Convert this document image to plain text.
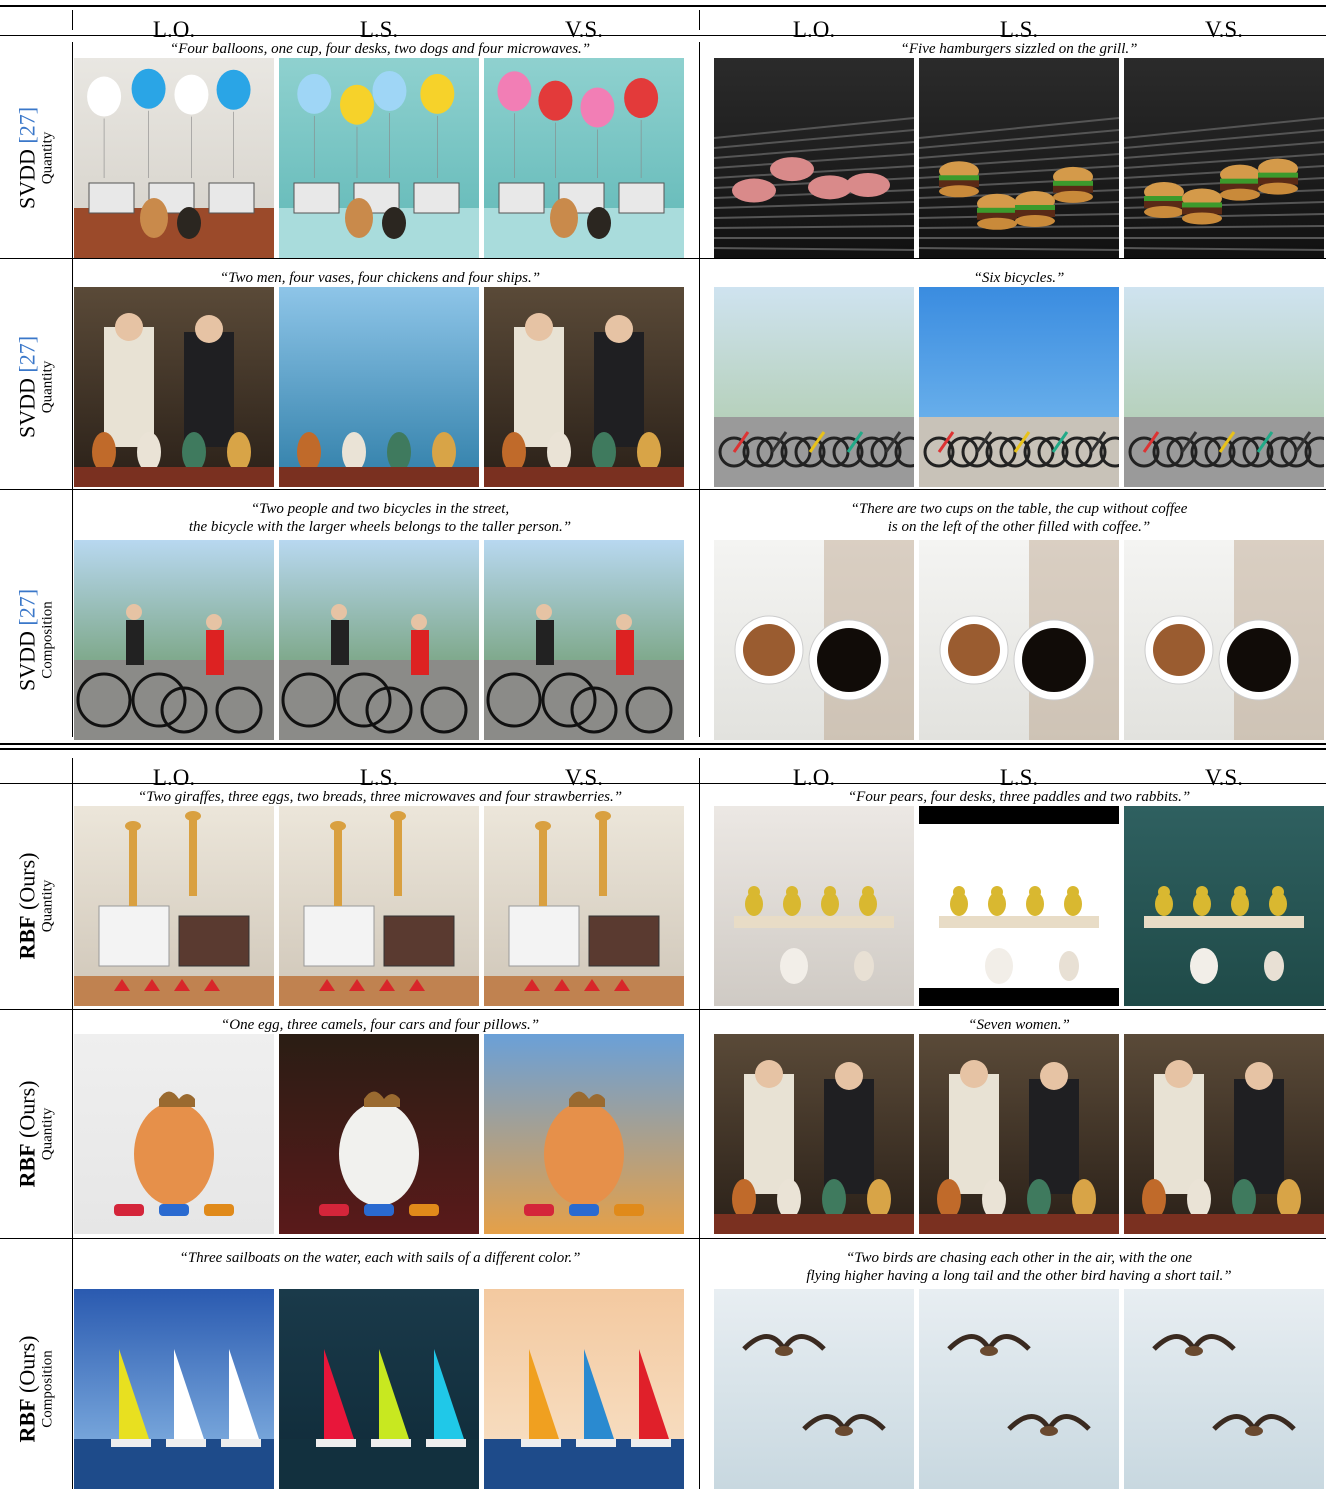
L.O.	L.S.	V.S.	L.O.	L.S.	V.S.
L.O.	L.S.	V.S.	L.O.	L.S.	V.S.
SVDD [27]
Quantity
“Four balloons, one cup, four desks, two dogs and four microwaves.”	“Five hamburgers sizzled on the grill.”
SVDD [27]
Quantity
“Two men, four vases, four chickens and four ships.”	“Six bicycles.”
SVDD [27] Composition
“Two people and two bicycles in the street,
the bicycle with the larger wheels belongs to the taller person.”
“There are two cups on the table, the cup without coffee
is on the left of the other filled with coffee.”
RBF (Ours) Quantity
“Two giraffes, three eggs, two breads, three microwaves and four strawberries.”	“Four pears, four desks, three paddles and two rabbits.”
RBF (Ours) Quantity
“One egg, three camels, four cars and four pillows.”	“Seven women.”
RBF (Ours) Composition
“Three sailboats on the water, each with sails of a different color.”	“Two birds are chasing each other in the air, with the one
flying higher having a long tail and the other bird having a short tail.”
